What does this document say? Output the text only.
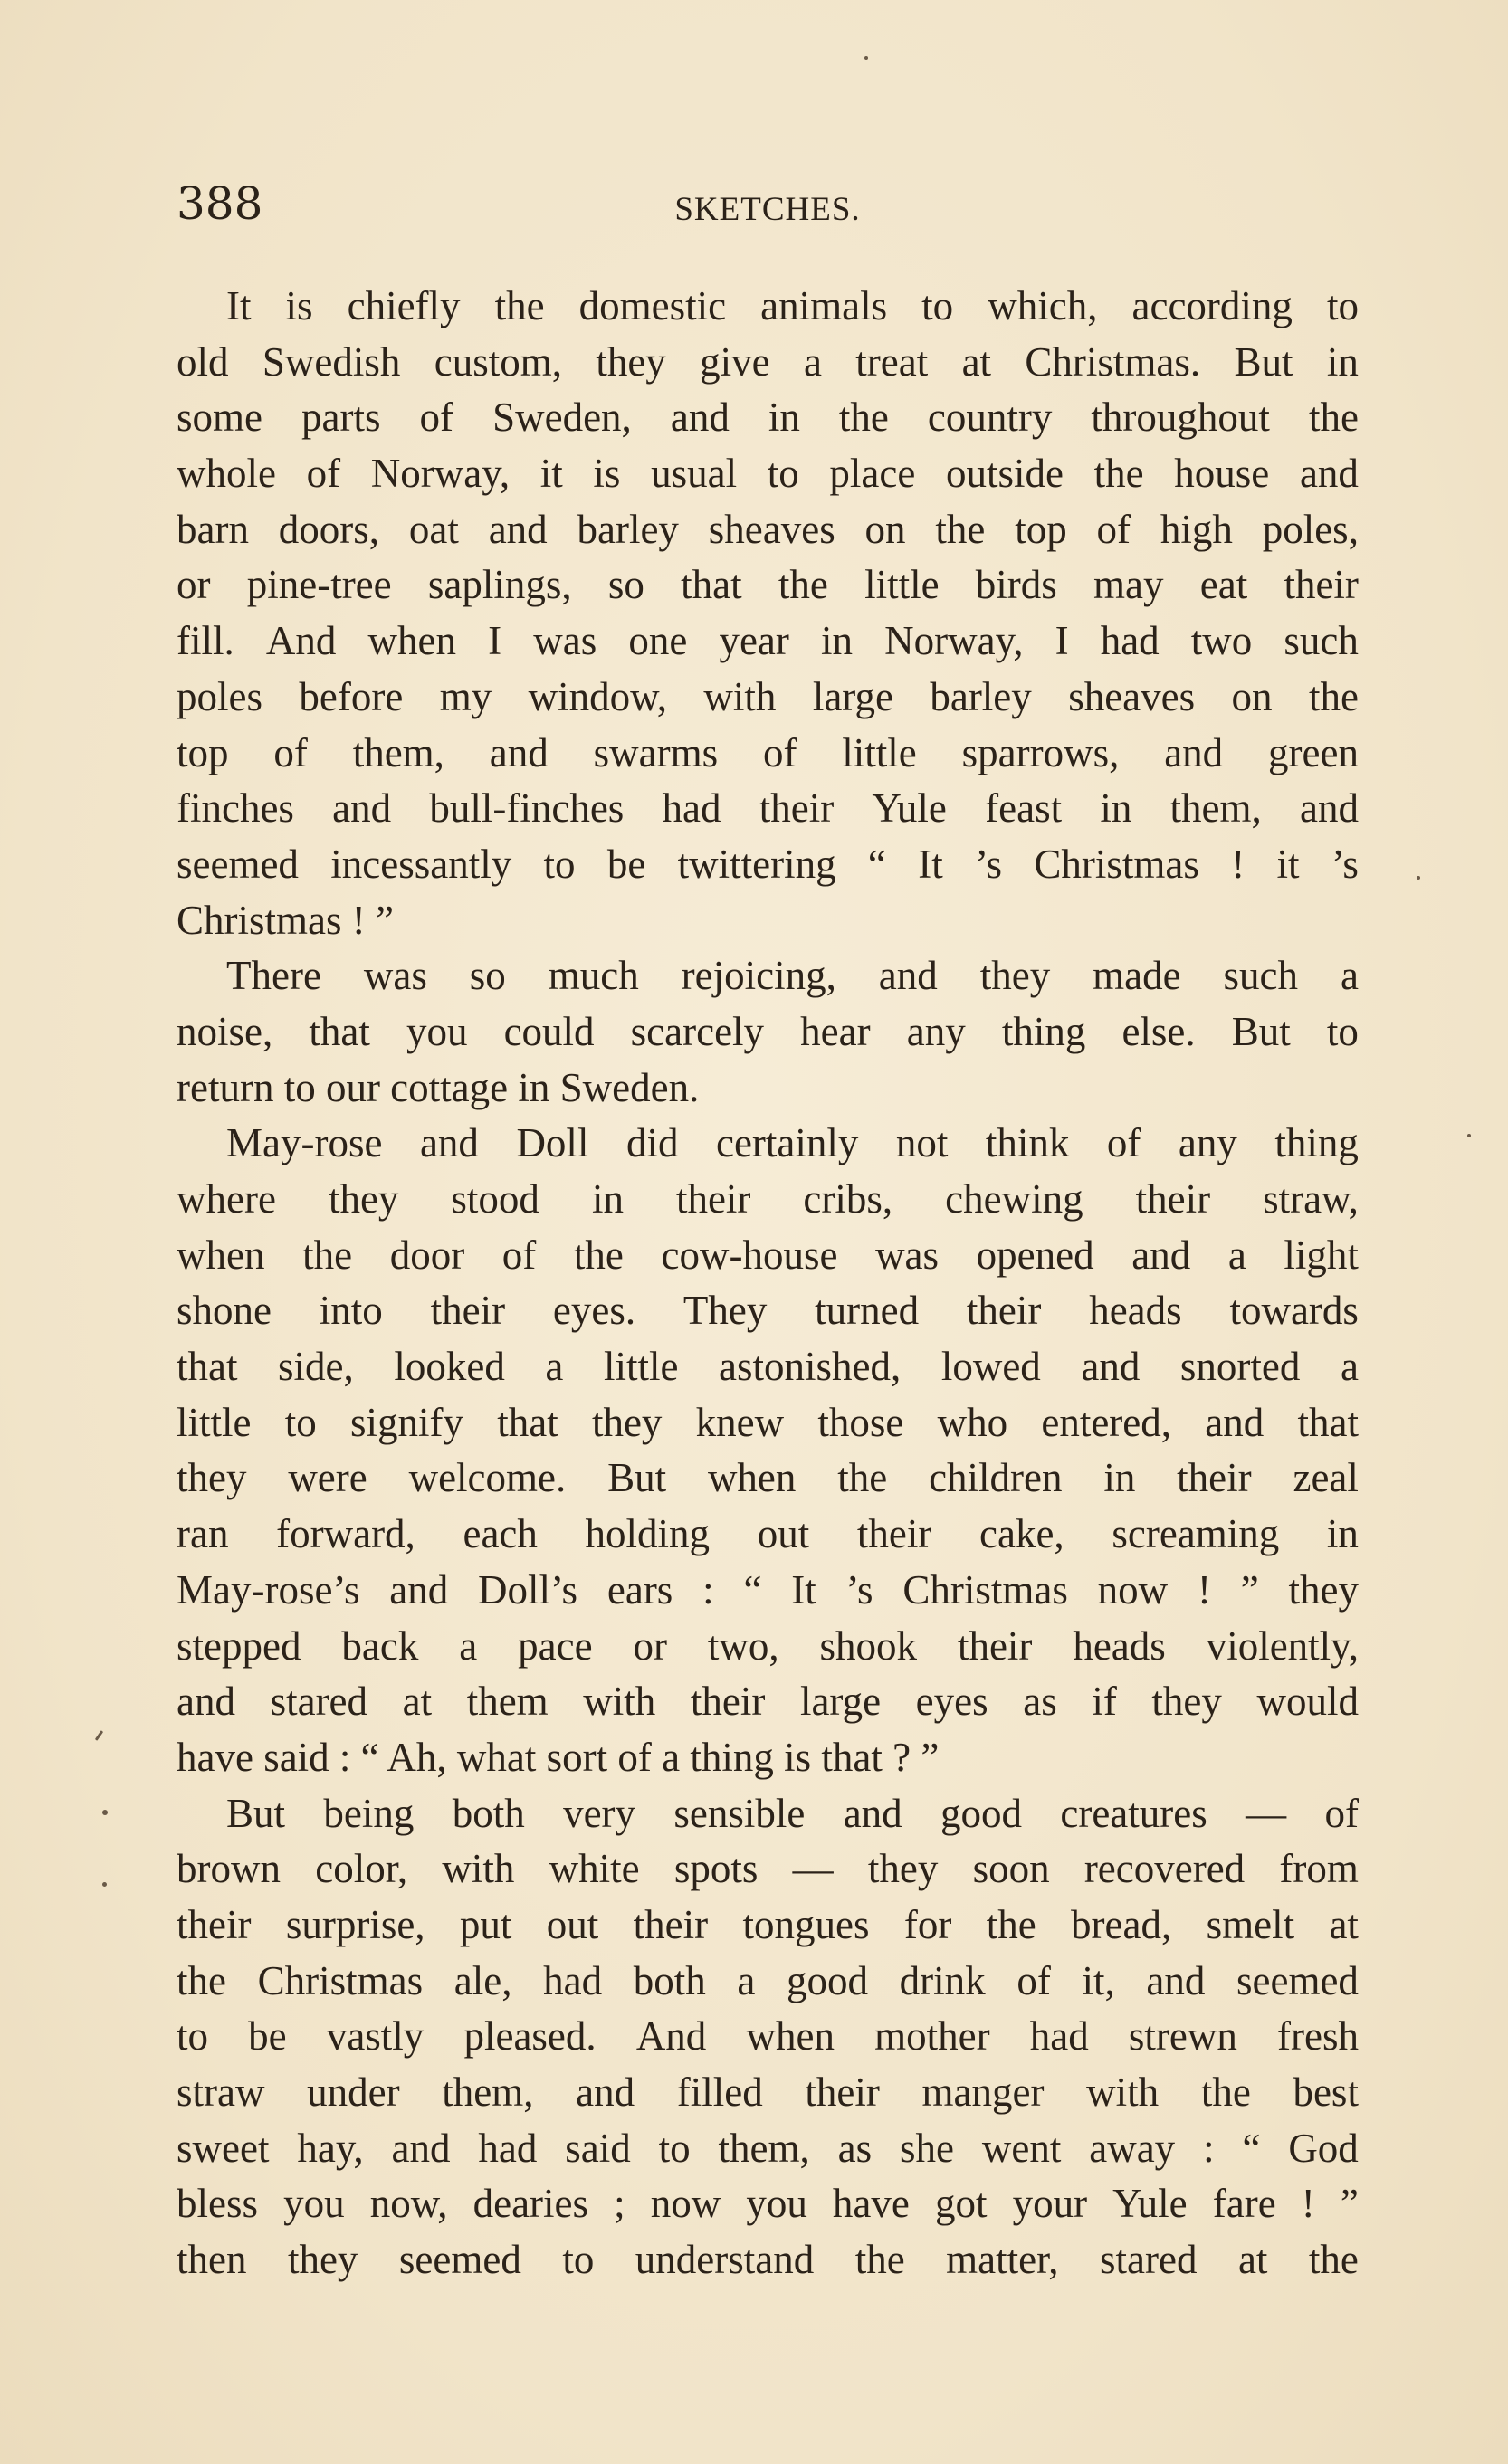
388	SKETCHES.
It is chiefly the domestic animals to which, according to
old Swedish custom, they give a treat at Christmas. But in
some parts of Sweden, and in the country throughout the
whole of Norway, it is usual to place outside the house and
barn doors, oat and barley sheaves on the top of high poles,
or pine-tree saplings, so that the little birds may eat their
fill. And when I was one year in Norway, I had two such
poles before my window, with large barley sheaves on the
top of them, and swarms of little sparrows, and green
finches and bull-finches had their Yule feast in them, and
seemed incessantly to be twittering “ It ’s Christmas ! it ’s
Christmas ! ”
There was so much rejoicing, and they made such a
noise, that you could scarcely hear any thing else. But to
return to our cottage in Sweden.
May-rose and Doll did certainly not think of any thing
where they stood in their cribs, chewing their straw,
when the door of the cow-house was opened and a light
shone into their eyes. They turned their heads towards
that side, looked a little astonished, lowed and snorted a
little to signify that they knew those who entered, and that
they were welcome. But when the children in their zeal
ran forward, each holding out their cake, screaming in
May-rose’s and Doll’s ears : “ It ’s Christmas now ! ” they
stepped back a pace or two, shook their heads violently,
and stared at them with their large eyes as if they would
have said : “ Ah, what sort of a thing is that ? ”
But being both very sensible and good creatures — of
brown color, with white spots — they soon recovered from
their surprise, put out their tongues for the bread, smelt at
the Christmas ale, had both a good drink of it, and seemed
to be vastly pleased. And when mother had strewn fresh
straw under them, and filled their manger with the best
sweet hay, and had said to them, as she went away : “ God
bless you now, dearies ; now you have got your Yule fare ! ”
then they seemed to understand the matter, stared at the
